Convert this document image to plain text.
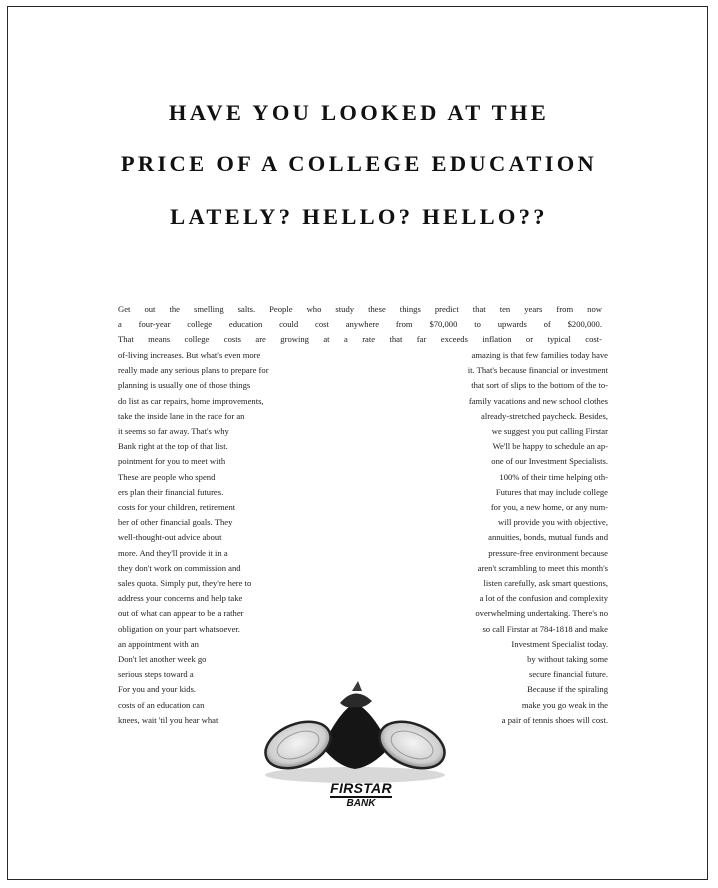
HAVE YOU LOOKED AT THE
PRICE OF A COLLEGE EDUCATION
LATELY? HELLO? HELLO??
Get out the smelling salts. People who study these things predict that ten years from now
a four-year college education could cost anywhere from $70,000 to upwards of $200,000.
That means college costs are growing at a rate that far exceeds inflation or typical cost-
of-living increases. But what's even more
really made any serious plans to prepare for
planning is usually one of those things
do list as car repairs, home improvements,
take the inside lane in the race for an
it seems so far away. That's why
Bank right at the top of that list.
pointment for you to meet with
These are people who spend
ers plan their financial futures.
costs for your children, retirement
ber of other financial goals. They
well-thought-out advice about
more. And they'll provide it in a
they don't work on commission and
sales quota. Simply put, they're here to
address your concerns and help take
out of what can appear to be a rather
obligation on your part whatsoever.
an appointment with an
Don't let another week go
serious steps toward a
For you and your kids.
costs of an education can
knees, wait 'til you hear what
amazing is that few families today have
it. That's because financial or investment
that sort of slips to the bottom of the to-
family vacations and new school clothes
already-stretched paycheck. Besides,
we suggest you put calling Firstar
We'll be happy to schedule an ap-
one of our Investment Specialists.
100% of their time helping oth-
Futures that may include college
for you, a new home, or any num-
will provide you with objective,
annuities, bonds, mutual funds and
pressure-free environment because
aren't scrambling to meet this month's
listen carefully, ask smart questions,
a lot of the confusion and complexity
overwhelming undertaking. There's no
so call Firstar at 784-1818 and make
Investment Specialist today.
by without taking some
secure financial future.
Because if the spiraling
make you go weak in the
a pair of tennis shoes will cost.
FIRSTAR
BANK
